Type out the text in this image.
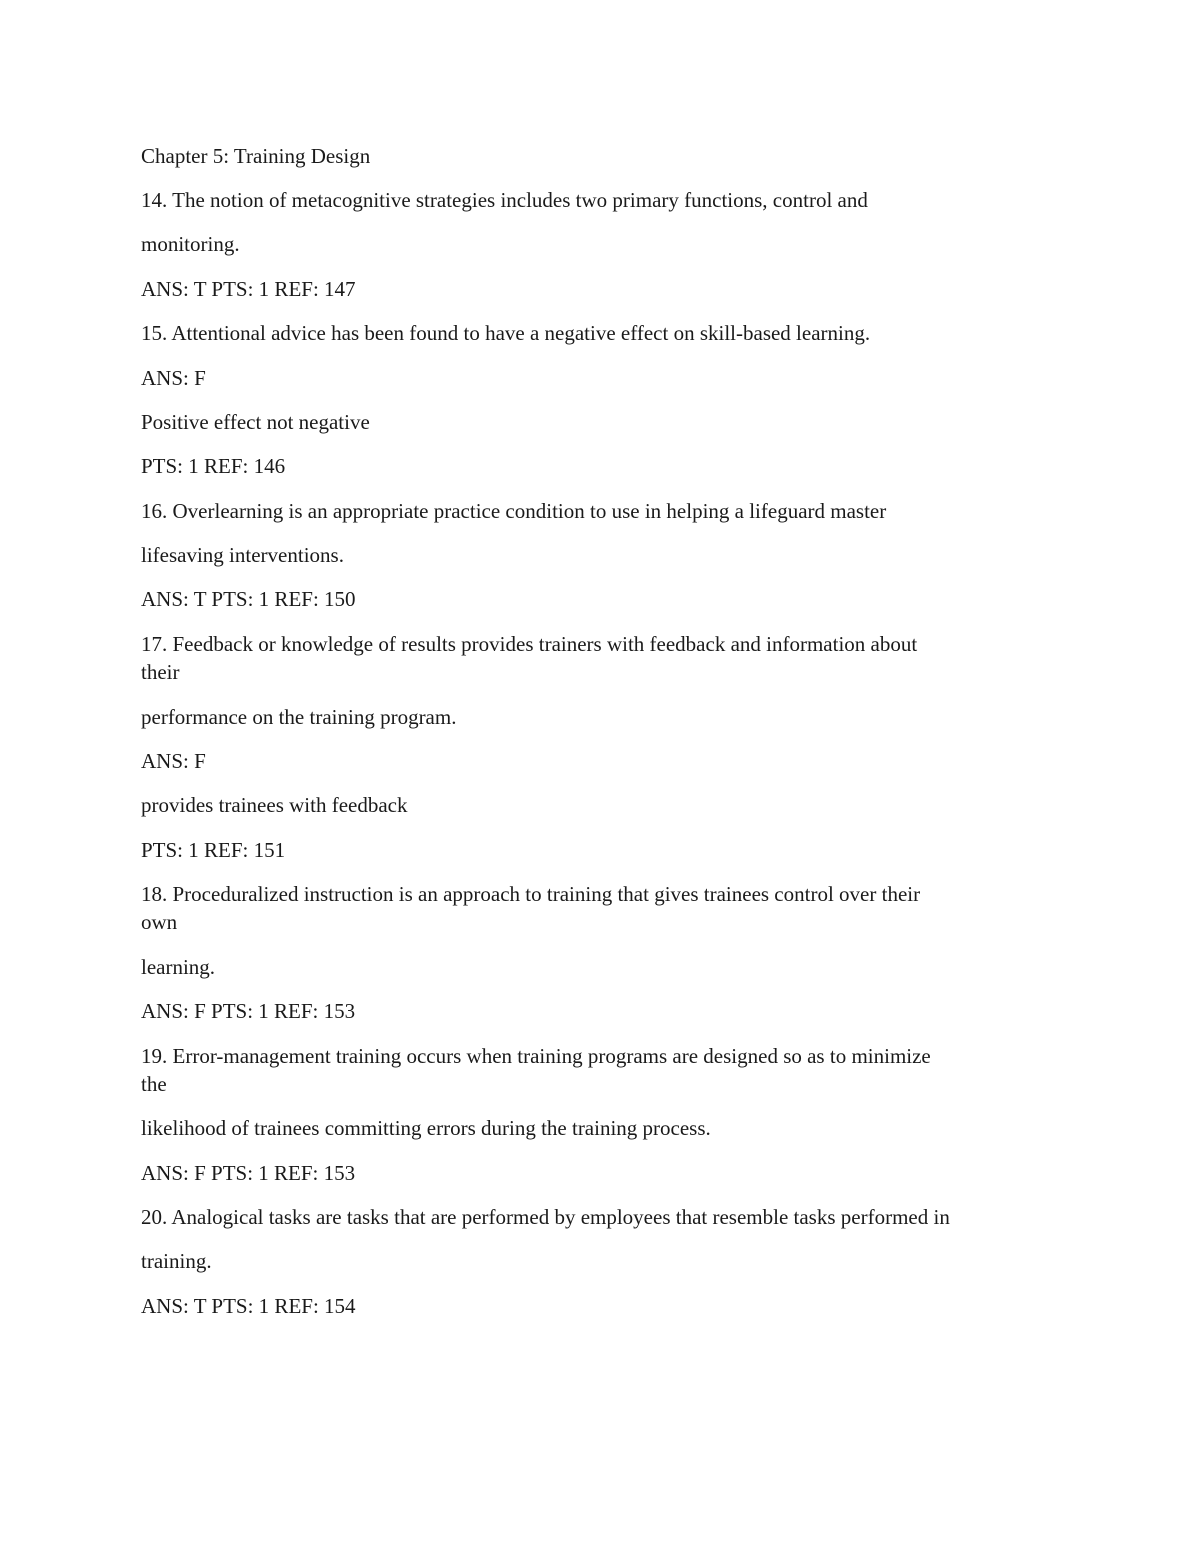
Chapter 5: Training Design
14. The notion of metacognitive strategies includes two primary functions, control and
monitoring.
ANS: T PTS: 1 REF: 147
15. Attentional advice has been found to have a negative effect on skill-based learning.
ANS: F
Positive effect not negative
PTS: 1 REF: 146
16. Overlearning is an appropriate practice condition to use in helping a lifeguard master
lifesaving interventions.
ANS: T PTS: 1 REF: 150
17. Feedback or knowledge of results provides trainers with feedback and information about
their
performance on the training program.
ANS: F
provides trainees with feedback
PTS: 1 REF: 151
18. Proceduralized instruction is an approach to training that gives trainees control over their
own
learning.
ANS: F PTS: 1 REF: 153
19. Error-management training occurs when training programs are designed so as to minimize
the
likelihood of trainees committing errors during the training process.
ANS: F PTS: 1 REF: 153
20. Analogical tasks are tasks that are performed by employees that resemble tasks performed in
training.
ANS: T PTS: 1 REF: 154
